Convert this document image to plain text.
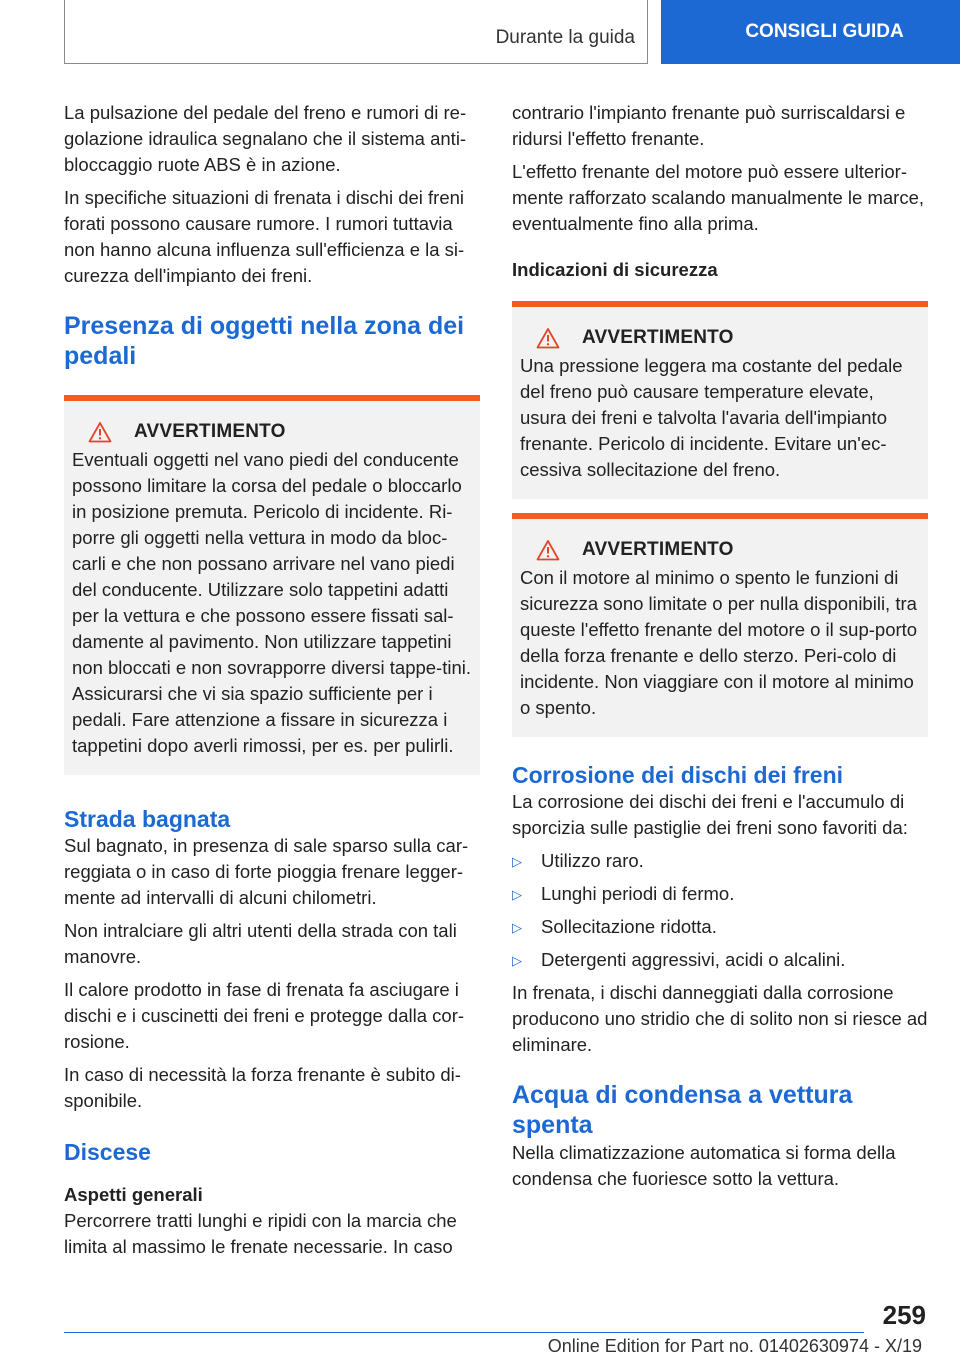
Durante la guida	CONSIGLI GUIDA

La pulsazione del pedale del freno e rumori di re-golazione idraulica segnalano che il sistema anti-bloccaggio ruote ABS è in azione.

In specifiche situazioni di frenata i dischi dei freni forati possono causare rumore. I rumori tuttavia non hanno alcuna influenza sull'efficienza e la si-curezza dell'impianto dei freni.

Presenza di oggetti nella zona dei pedali
AVVERTIMENTO

Eventuali oggetti nel vano piedi del conducente possono limitare la corsa del pedale o bloccarlo in posizione premuta. Pericolo di incidente. Ri-porre gli oggetti nella vettura in modo da bloc-carli e che non possano arrivare nel vano piedi del conducente. Utilizzare solo tappetini adatti per la vettura e che possono essere fissati sal-damente al pavimento. Non utilizzare tappetini non bloccati e non sovrapporre diversi tappe-tini. Assicurarsi che vi sia spazio sufficiente per i pedali. Fare attenzione a fissare in sicurezza i tappetini dopo averli rimossi, per es. per pulirli.

Strada bagnata

Sul bagnato, in presenza di sale sparso sulla car-reggiata o in caso di forte pioggia frenare legger-mente ad intervalli di alcuni chilometri.

Non intralciare gli altri utenti della strada con tali manovre.

Il calore prodotto in fase di frenata fa asciugare i dischi e i cuscinetti dei freni e protegge dalla cor-rosione.

In caso di necessità la forza frenante è subito di-sponibile.

Discese
Aspetti generali

Percorrere tratti lunghi e ripidi con la marcia che limita al massimo le frenate necessarie. In caso

contrario l'impianto frenante può surriscaldarsi e ridursi l'effetto frenante.

L'effetto frenante del motore può essere ulterior-mente rafforzato scalando manualmente le marce, eventualmente fino alla prima.

Indicazioni di sicurezza
AVVERTIMENTO

Una pressione leggera ma costante del pedale del freno può causare temperature elevate, usura dei freni e talvolta l'avaria dell'impianto frenante. Pericolo di incidente. Evitare un'ec-cessiva sollecitazione del freno.

AVVERTIMENTO

Con il motore al minimo o spento le funzioni di sicurezza sono limitate o per nulla disponibili, tra queste l'effetto frenante del motore o il sup-porto della forza frenante e dello sterzo. Peri-colo di incidente. Non viaggiare con il motore al minimo o spento.

Corrosione dei dischi dei freni

La corrosione dei dischi dei freni e l'accumulo di sporcizia sulle pastiglie dei freni sono favoriti da:

▷	Utilizzo raro.
▷	Lunghi periodi di fermo.
▷	Sollecitazione ridotta.
▷	Detergenti aggressivi, acidi o alcalini.

In frenata, i dischi danneggiati dalla corrosione producono uno stridio che di solito non si riesce ad eliminare.

Acqua di condensa a vettura spenta

Nella climatizzazione automatica si forma della condensa che fuoriesce sotto la vettura.

259
Online Edition for Part no. 01402630974 - X/19
